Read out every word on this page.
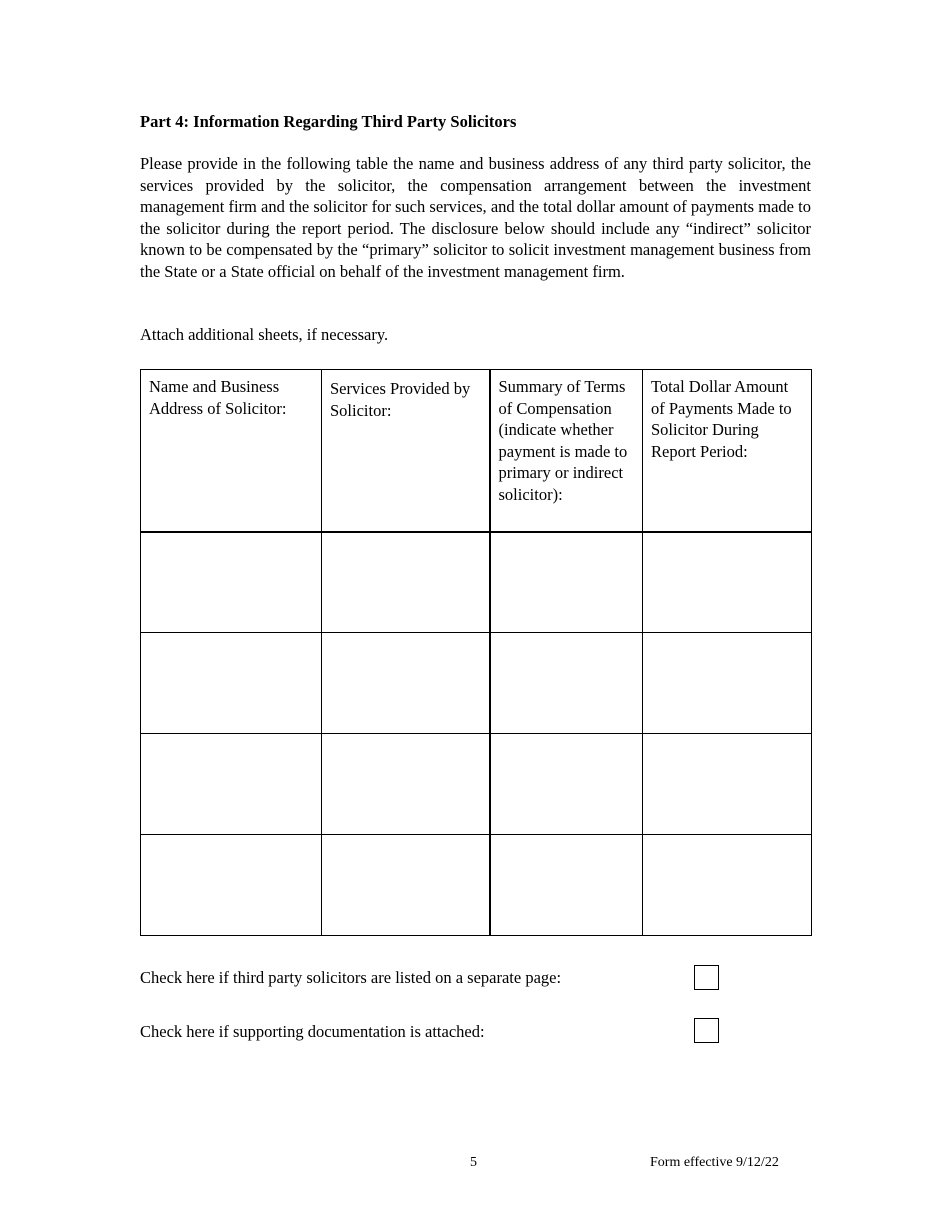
Part 4: Information Regarding Third Party Solicitors

Please provide in the following table the name and business address of any third party solicitor, the services provided by the solicitor, the compensation arrangement between the investment management firm and the solicitor for such services, and the total dollar amount of payments made to the solicitor during the report period. The disclosure below should include any “indirect” solicitor known to be compensated by the “primary” solicitor to solicit investment management business from the State or a State official on behalf of the investment management firm.

Attach additional sheets, if necessary.
Name and Business Address of Solicitor:	Services Provided by Solicitor:	Summary of Terms of Compensation (indicate whether payment is made to primary or indirect solicitor):	Total Dollar Amount of Payments Made to Solicitor During Report Period:

Check here if third party solicitors are listed on a separate page:
Check here if supporting documentation is attached:
5	Form effective 9/12/22
